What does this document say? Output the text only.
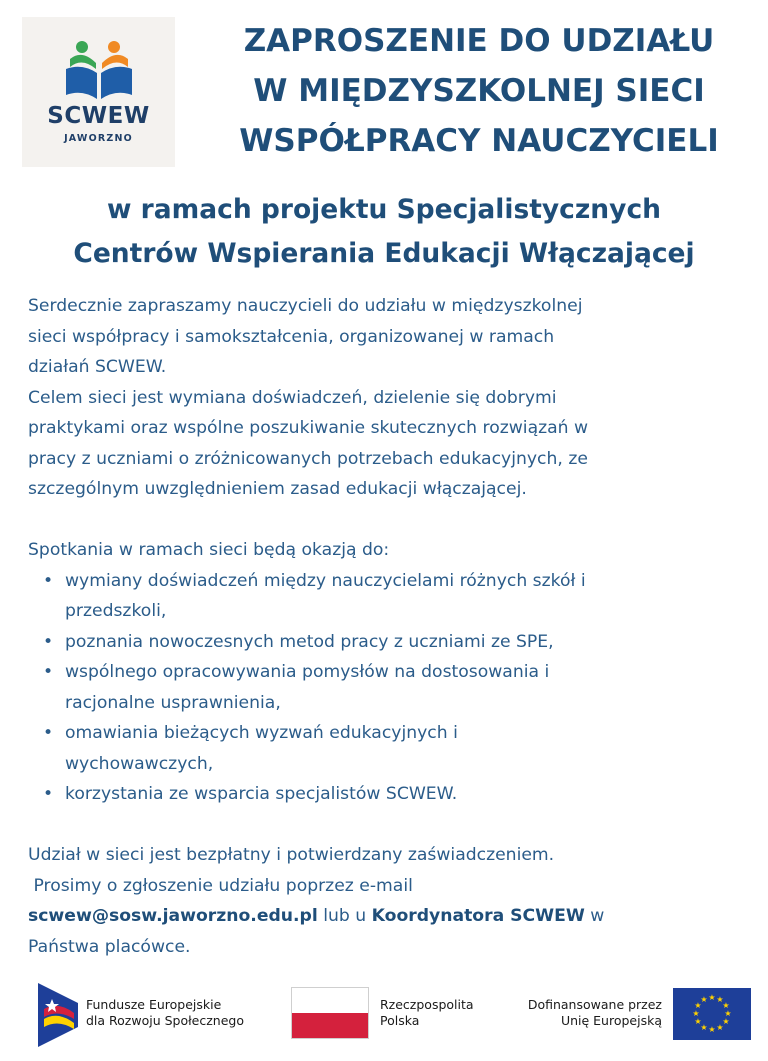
SCWEW
JAWORZNO
ZAPROSZENIE DO UDZIAŁU
W MIĘDZYSZKOLNEJ SIECI
WSPÓŁPRACY NAUCZYCIELI
w ramach projektu Specjalistycznych
Centrów Wspierania Edukacji Włączającej

Serdecznie zapraszamy nauczycieli do udziału w międzyszkolnej

sieci współpracy i samokształcenia, organizowanej w ramach

działań SCWEW.

Celem sieci jest wymiana doświadczeń, dzielenie się dobrymi

praktykami oraz wspólne poszukiwanie skutecznych rozwiązań w

pracy z uczniami o zróżnicowanych potrzebach edukacyjnych, ze

szczególnym uwzględnieniem zasad edukacji włączającej.

Spotkania w ramach sieci będą okazją do:

• wymiany doświadczeń między nauczycielami różnych szkół i
przedszkoli,
• poznania nowoczesnych metod pracy z uczniami ze SPE,
• wspólnego opracowywania pomysłów na dostosowania i
racjonalne usprawnienia,
• omawiania bieżących wyzwań edukacyjnych i
wychowawczych,
• korzystania ze wsparcia specjalistów SCWEW.

Udział w sieci jest bezpłatny i potwierdzany zaświadczeniem.

Prosimy o zgłoszenie udziału poprzez e-mail

scwew@sosw.jaworzno.edu.pl lub u Koordynatora SCWEW w

Państwa placówce.

Fundusze Europejskie
dla Rozwoju Społecznego
Rzeczpospolita
Polska
Dofinansowane przez
Unię Europejską
★ ★
★
★
★
★
★
★
★
★
★
★
